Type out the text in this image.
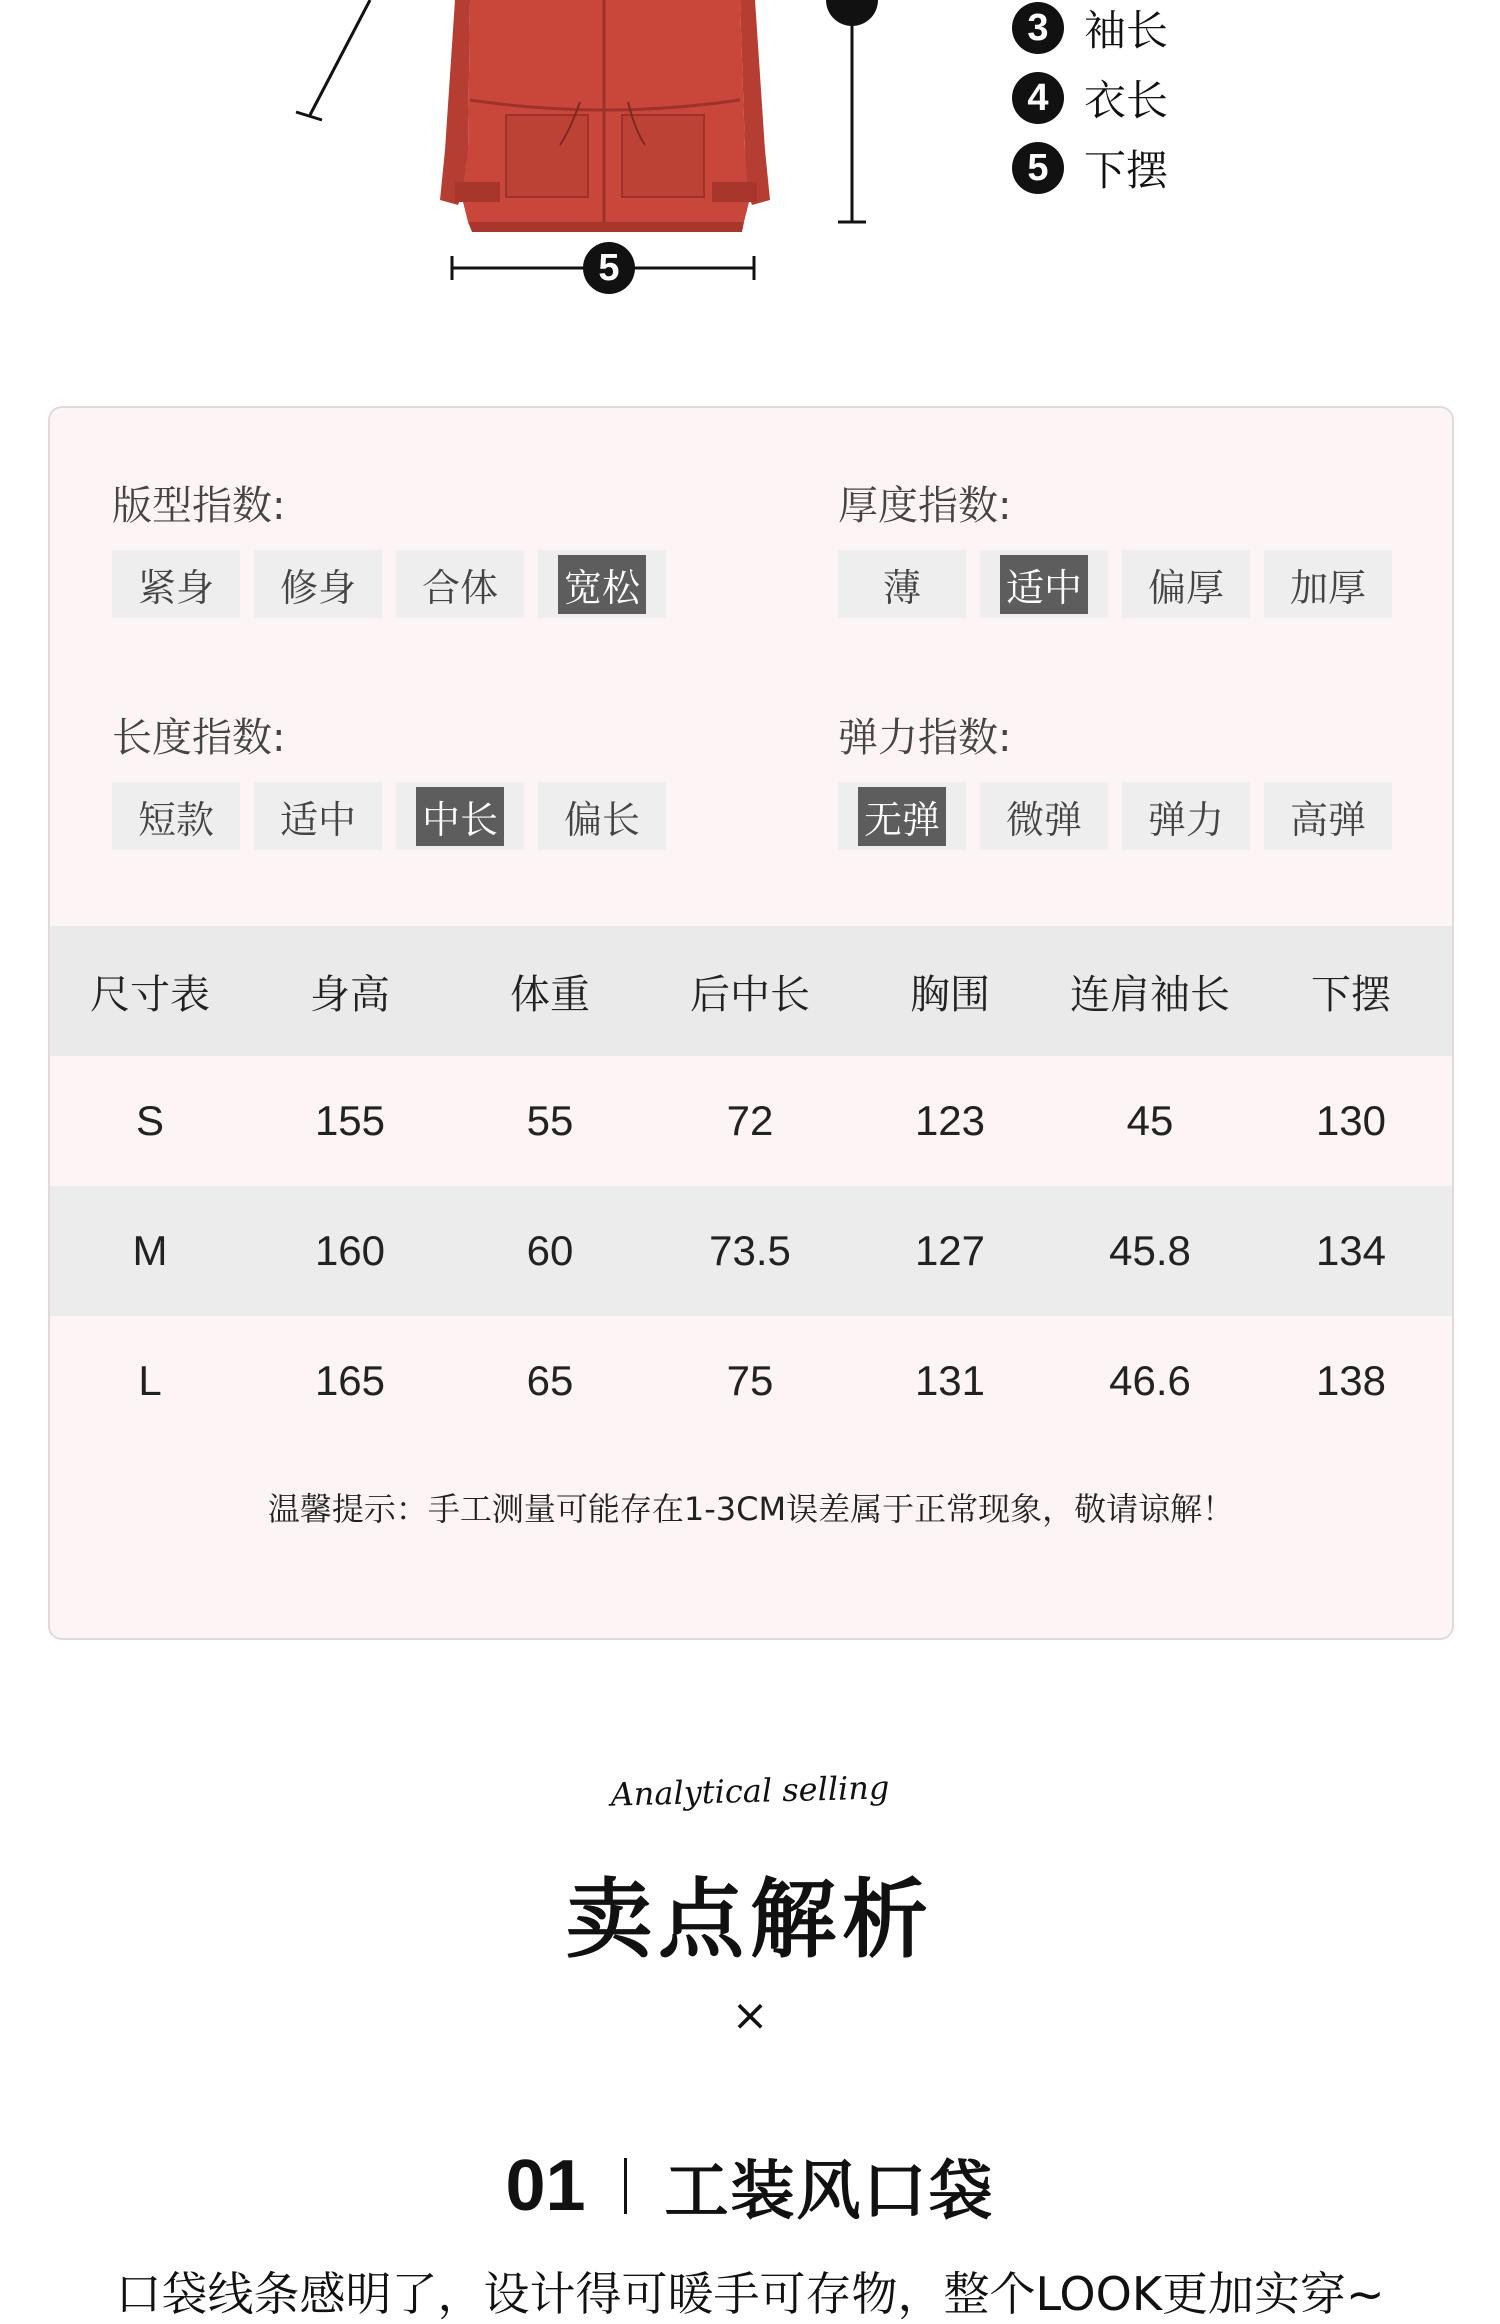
5
3 袖长
4 衣长
5 下摆
版型指数:
紧身 修身 合体 宽松
厚度指数:
薄 适中 偏厚 加厚
长度指数:
短款 适中 中长 偏长
弹力指数:
无弹 微弹 弹力 高弹
尺寸表	身高	体重	后中长	胸围	连肩袖长	下摆
S	155	55	72	123	45	130
M	160	60	73.5	127	45.8	134
L	165	65	75	131	46.6	138
温馨提示：手工测量可能存在1-3CM误差属于正常现象，敬请谅解！
Analytical selling
卖点解析
×
01 工装风口袋
口袋线条感明了，设计得可暖手可存物，整个LOOK更加实穿~
